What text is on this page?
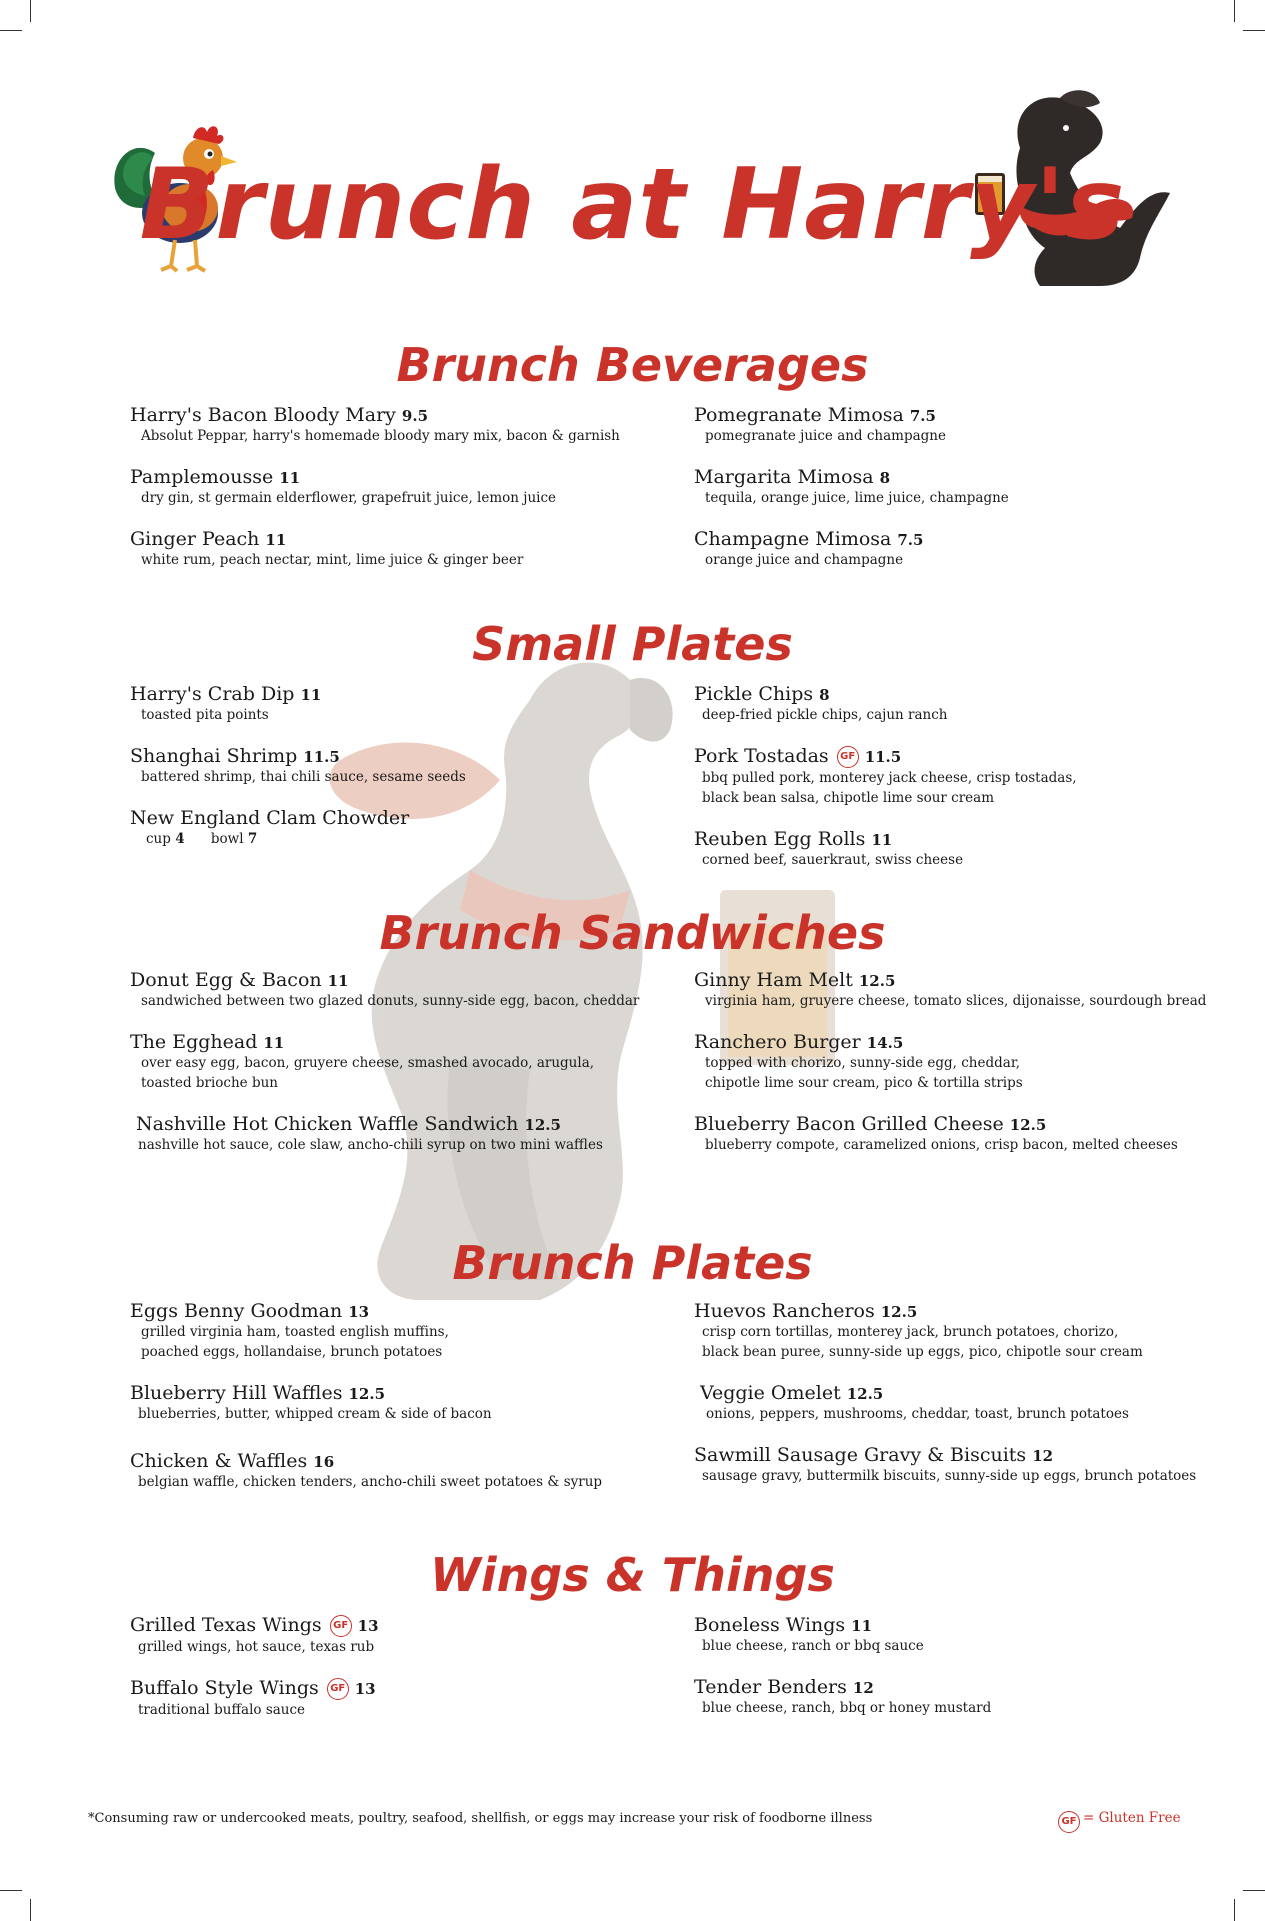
Brunch at Harry's
Brunch Beverages
Small Plates
Brunch Sandwiches
Brunch Plates
Wings & Things
Harry's Bacon Bloody Mary 9.5
Absolut Peppar, harry's homemade bloody mary mix, bacon & garnish
Pamplemousse 11
dry gin, st germain elderflower, grapefruit juice, lemon juice
Ginger Peach 11
white rum, peach nectar, mint, lime juice & ginger beer
Pomegranate Mimosa 7.5
pomegranate juice and champagne
Margarita Mimosa 8
tequila, orange juice, lime juice, champagne
Champagne Mimosa 7.5
orange juice and champagne
Harry's Crab Dip 11
toasted pita points
Shanghai Shrimp 11.5
battered shrimp, thai chili sauce, sesame seeds
New England Clam Chowder
cup 4 bowl 7
Pickle Chips 8
deep-fried pickle chips, cajun ranch
Pork Tostadas GF 11.5
bbq pulled pork, monterey jack cheese, crisp tostadas,
black bean salsa, chipotle lime sour cream
Reuben Egg Rolls 11
corned beef, sauerkraut, swiss cheese
Donut Egg & Bacon 11
sandwiched between two glazed donuts, sunny-side egg, bacon, cheddar
The Egghead 11
over easy egg, bacon, gruyere cheese, smashed avocado, arugula,
toasted brioche bun
Nashville Hot Chicken Waffle Sandwich 12.5
nashville hot sauce, cole slaw, ancho-chili syrup on two mini waffles
Ginny Ham Melt 12.5
virginia ham, gruyere cheese, tomato slices, dijonaisse, sourdough bread
Ranchero Burger 14.5
topped with chorizo, sunny-side egg, cheddar,
chipotle lime sour cream, pico & tortilla strips
Blueberry Bacon Grilled Cheese 12.5
blueberry compote, caramelized onions, crisp bacon, melted cheeses
Eggs Benny Goodman 13
grilled virginia ham, toasted english muffins,
poached eggs, hollandaise, brunch potatoes
Blueberry Hill Waffles 12.5
blueberries, butter, whipped cream & side of bacon
Chicken & Waffles 16
belgian waffle, chicken tenders, ancho-chili sweet potatoes & syrup
Huevos Rancheros 12.5
crisp corn tortillas, monterey jack, brunch potatoes, chorizo,
black bean puree, sunny-side up eggs, pico, chipotle sour cream
Veggie Omelet 12.5
onions, peppers, mushrooms, cheddar, toast, brunch potatoes
Sawmill Sausage Gravy & Biscuits 12
sausage gravy, buttermilk biscuits, sunny-side up eggs, brunch potatoes
Grilled Texas Wings GF 13
grilled wings, hot sauce, texas rub
Buffalo Style Wings GF 13
traditional buffalo sauce
Boneless Wings 11
blue cheese, ranch or bbq sauce
Tender Benders 12
blue cheese, ranch, bbq or honey mustard
*Consuming raw or undercooked meats, poultry, seafood, shellfish, or eggs may increase your risk of foodborne illness	GF = Gluten Free
